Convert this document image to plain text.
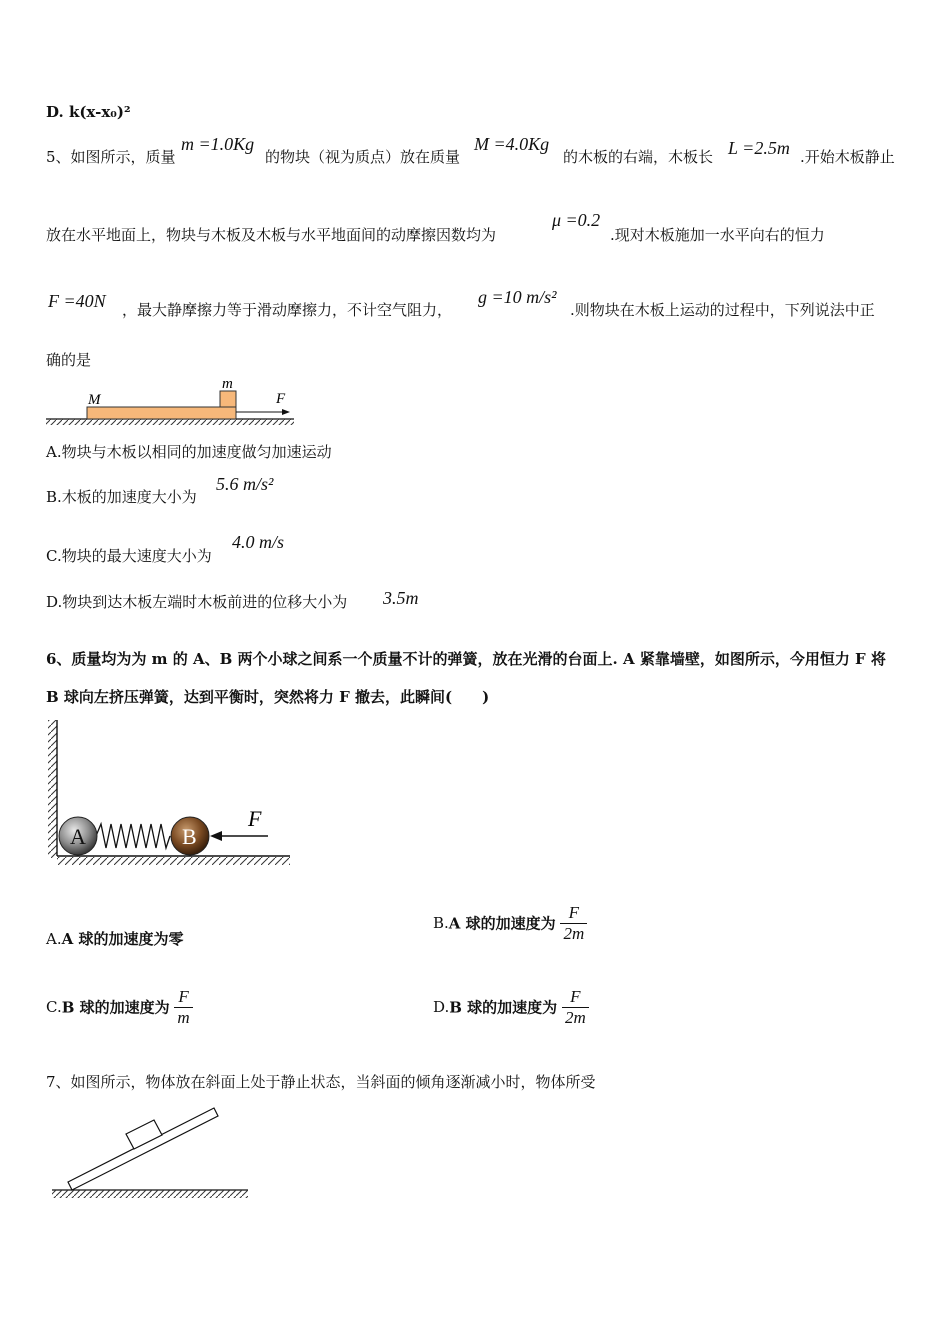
D. k(x-x₀)²
5、如图所示，质量
m =1.0Kg
的物块（视为质点）放在质量
M =4.0Kg
的木板的右端，木板长 L =2.5m .开始木板静止
放在水平地面上，物块与木板及木板与水平地面间的动摩擦因数均为
μ =0.2
.现对木板施加一水平向右的恒力
F =40N ，最大静摩擦力等于滑动摩擦力，不计空气阻力，
g =10 m/s²
.则物块在木板上运动的过程中，下列说法中正
确的是
M
m
F
A.物块与木板以相同的加速度做匀加速运动
B.木板的加速度大小为
5.6 m/s²
C.物块的最大速度大小为
4.0 m/s
D.物块到达木板左端时木板前进的位移大小为 3.5m
6、质量均为为 m 的 A、B 两个小球之间系一个质量不计的弹簧，放在光滑的台面上. A 紧靠墙壁，如图所示，今用恒力 F 将
B 球向左挤压弹簧，达到平衡时，突然将力 F 撤去，此瞬间(　　)
A	B
F
A.A 球的加速度为零
B.A 球的加速度为 $\frac{F}{2m}$
C.B 球的加速度为 $\frac{F}{m}$	D.B 球的加速度为 $\frac{F}{2m}$
7、如图所示，物体放在斜面上处于静止状态，当斜面的倾角逐渐减小时，物体所受
